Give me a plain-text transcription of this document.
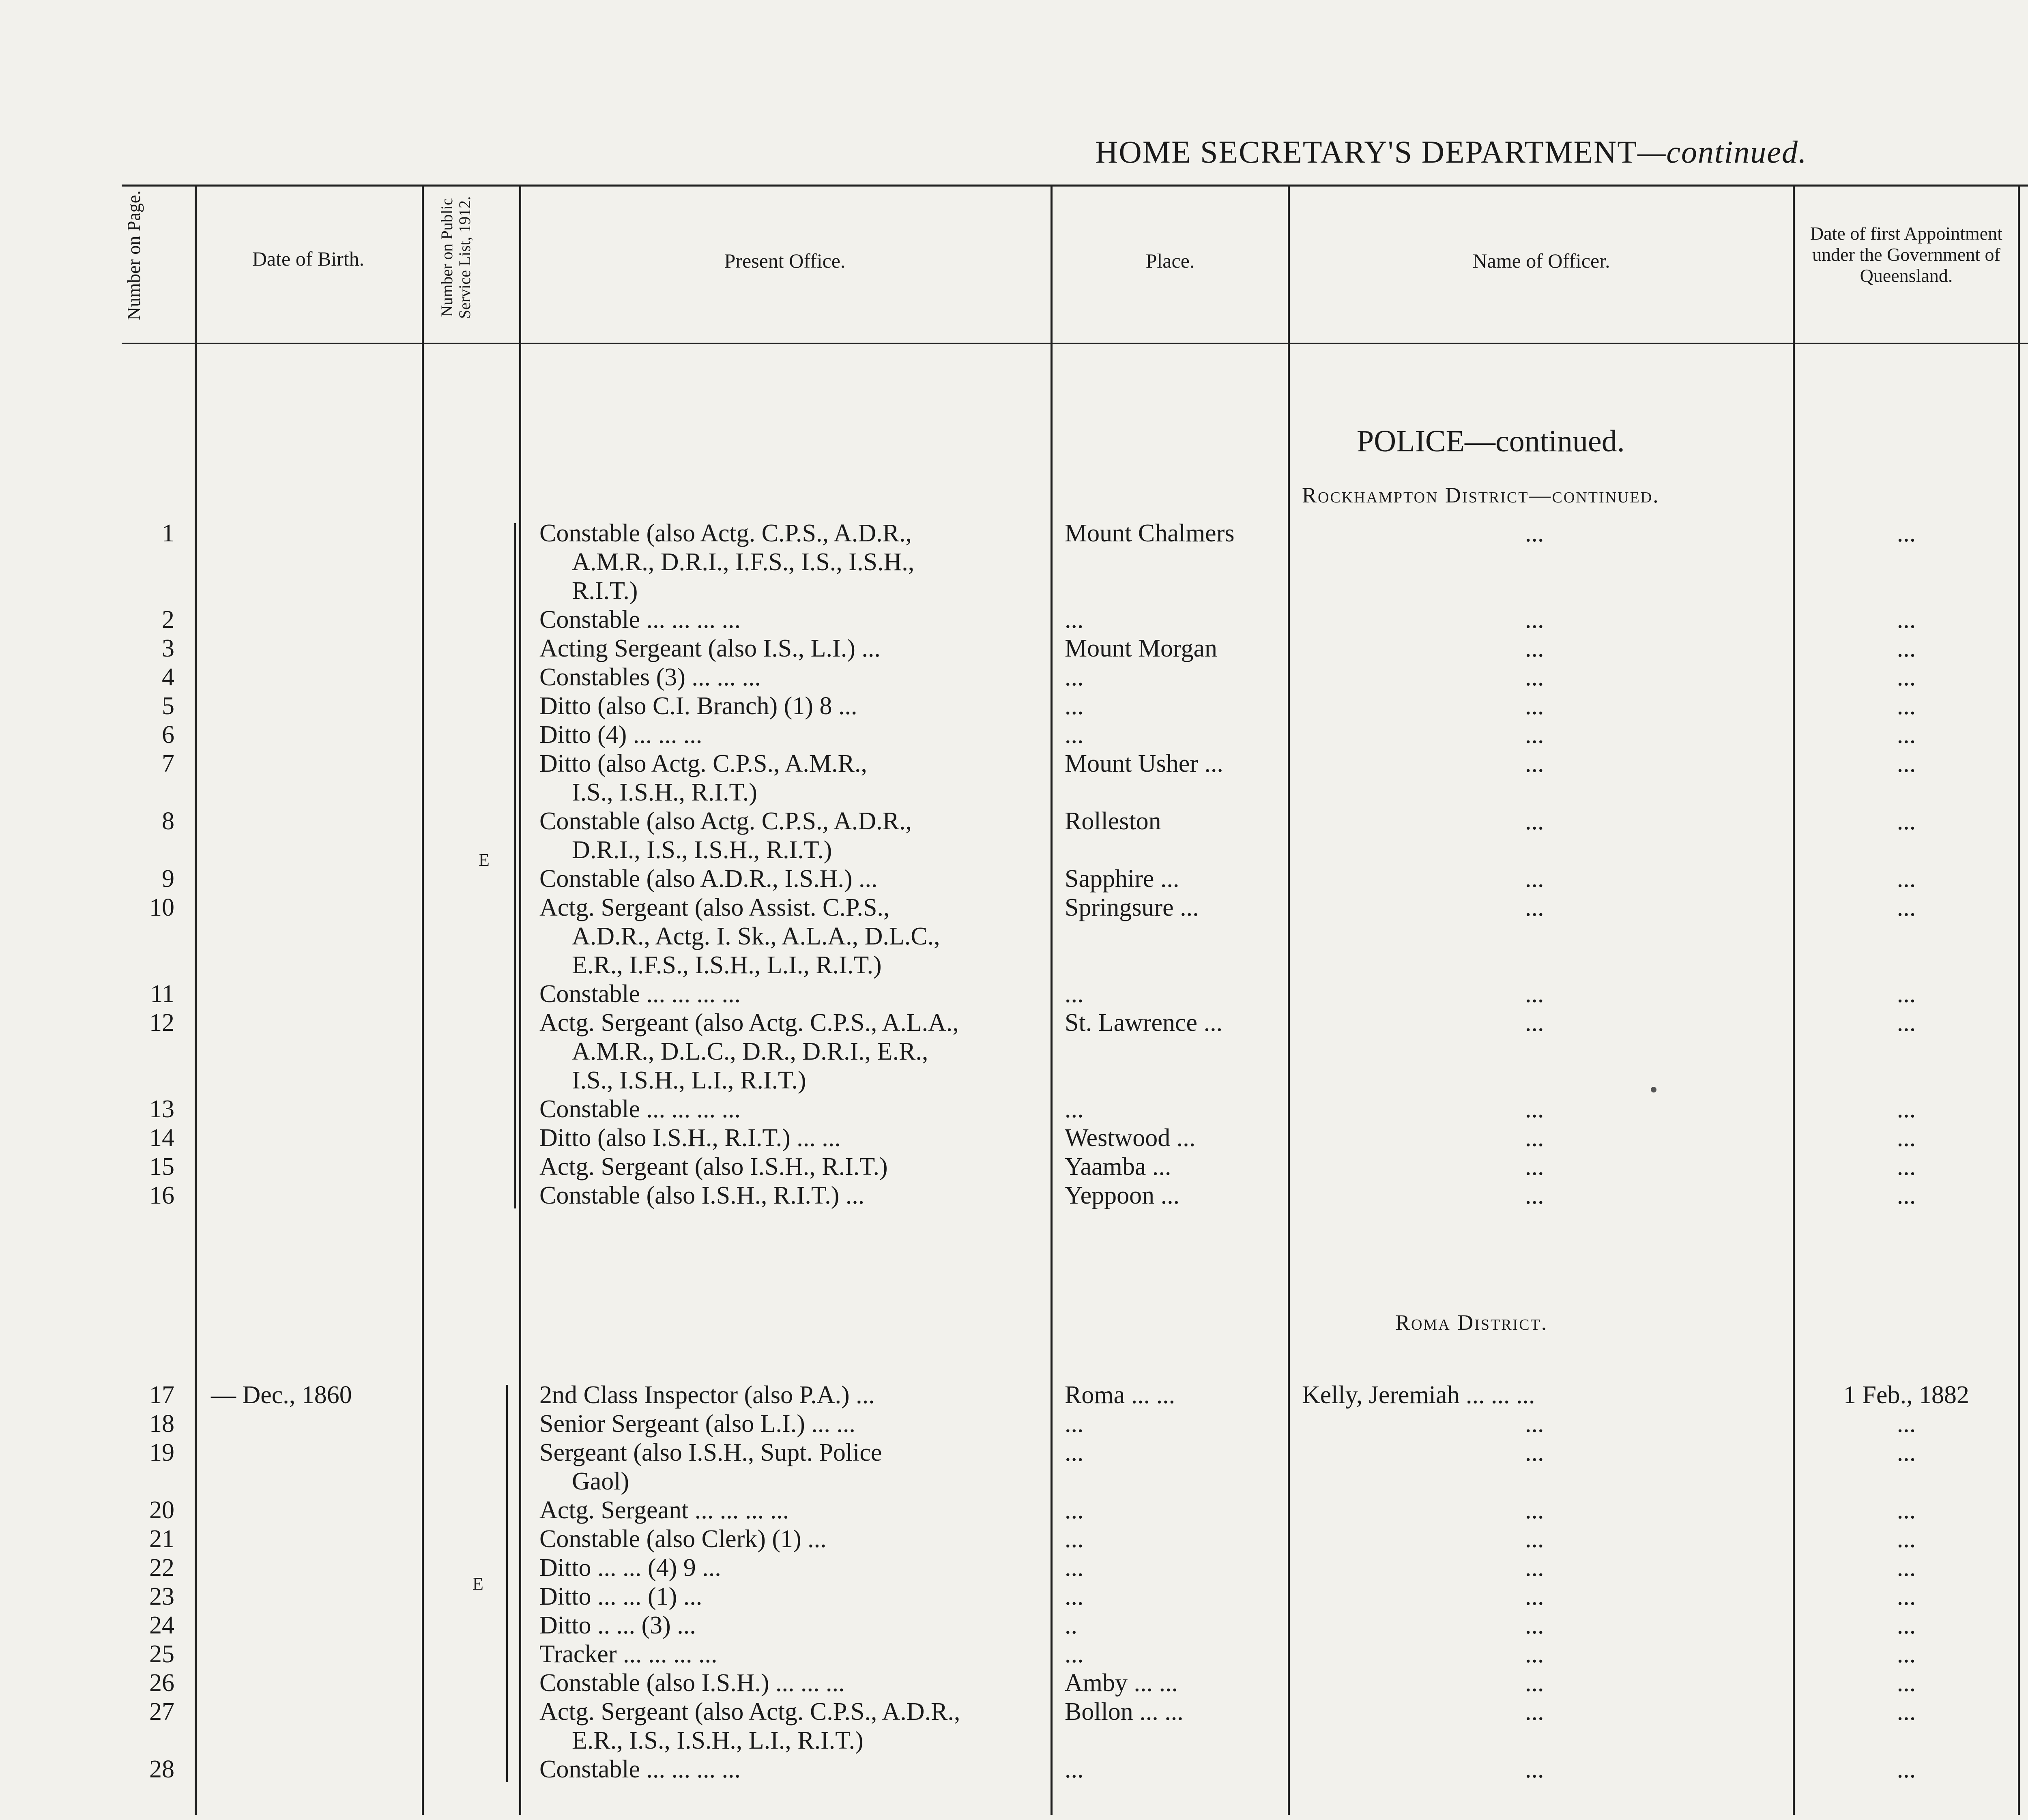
HOME SECRETARY'S DEPARTMENT—continued.
Number on Page.	Date of Birth.	Number on Public Service List, 1912.	Present Office.	Place.	Name of Officer.
Date of first Appointment under the Government of Queensland.
POLICE—continued.
Rockhampton District—continued.
Roma District.
E
E
1	Constable (also Actg. C.P.S., A.D.R.,
A.M.R., D.R.I., I.F.S., I.S., I.S.H.,
R.I.T.)
Mount Chalmers	...	...
2	Constable ... ... ... ...	...	...	...
3	Acting Sergeant (also I.S., L.I.) ...	Mount Morgan	...	...
4	Constables (3) ... ... ...	...	...	...
5	Ditto (also C.I. Branch) (1) 8 ...	...	...	...
6	Ditto (4) ... ... ...	...	...	...
7	Ditto (also Actg. C.P.S., A.M.R.,
I.S., I.S.H., R.I.T.)
Mount Usher ...	...	...
8	Constable (also Actg. C.P.S., A.D.R.,
D.R.I., I.S., I.S.H., R.I.T.)
Rolleston	...	...
9	Constable (also A.D.R., I.S.H.) ...	Sapphire ...	...	...
10	Actg. Sergeant (also Assist. C.P.S.,
A.D.R., Actg. I. Sk., A.L.A., D.L.C.,
E.R., I.F.S., I.S.H., L.I., R.I.T.)
Springsure ...	...	...
11	Constable ... ... ... ...	...	...	...
12	Actg. Sergeant (also Actg. C.P.S., A.L.A.,
A.M.R., D.L.C., D.R., D.R.I., E.R.,
I.S., I.S.H., L.I., R.I.T.)
St. Lawrence ...	...	...
13	Constable ... ... ... ...	...	...	...
14	Ditto (also I.S.H., R.I.T.) ... ...	Westwood ...	...	...
15	Actg. Sergeant (also I.S.H., R.I.T.)	Yaamba ...	...	...
16	Constable (also I.S.H., R.I.T.) ...	Yeppoon ...	...	...
17 — Dec., 1860	2nd Class Inspector (also P.A.) ...	Roma ... ...	Kelly, Jeremiah ... ... ...	1 Feb., 1882
18	Senior Sergeant (also L.I.) ... ...	...	...	...
19	Sergeant (also I.S.H., Supt. Police
Gaol)
...	...	...
20	Actg. Sergeant ... ... ... ...	...	...	...
21	Constable (also Clerk) (1) ...	...	...	...
22	Ditto ... ... (4) 9 ...	...	...	...
23	Ditto ... ... (1) ...	...	...	...
24	Ditto .. ... (3) ...	..	...	...
25	Tracker ... ... ... ...	...	...	...
26	Constable (also I.S.H.) ... ... ...	Amby ... ...	...	...
27	Actg. Sergeant (also Actg. C.P.S., A.D.R.,
E.R., I.S., I.S.H., L.I., R.I.T.)
Bollon ... ...	...	...
28	Constable ... ... ... ...	...	...	...
